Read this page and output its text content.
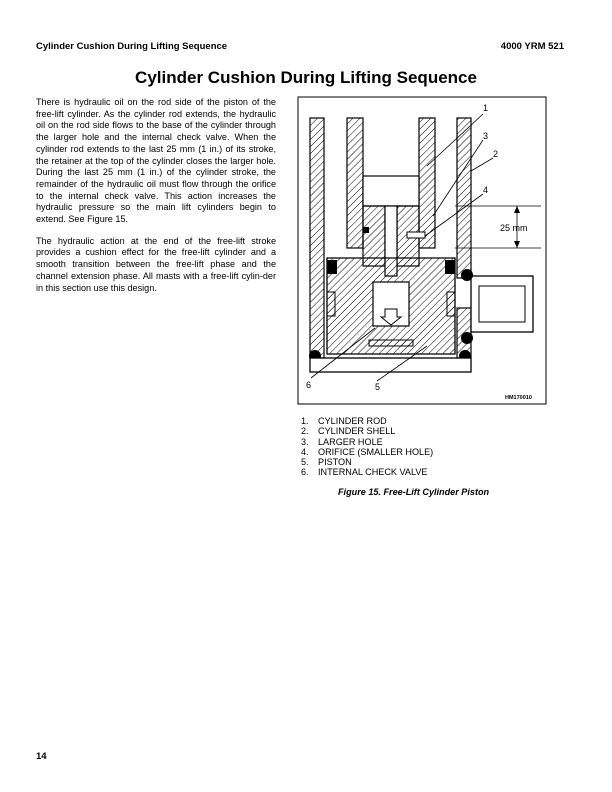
Cylinder Cushion During Lifting Sequence	4000 YRM 521
Cylinder Cushion During Lifting Sequence

There is hydraulic oil on the rod side of the piston of the free-lift cylinder. As the cylinder rod extends, the hydraulic oil on the rod side flows to the base of the cylinder through the larger hole and the internal check valve. When the cylinder rod extends to the last 25 mm (1 in.) of its stroke, the retainer at the top of the cylinder closes the larger hole. During the last 25 mm (1 in.) of the cylinder stroke, the remainder of the hydraulic oil must flow through the orifice to the internal check valve. This action increases the hydraulic pressure so the main lift cylinders begin to extend. See Figure 15.

The hydraulic action at the end of the free-lift stroke provides a cushion effect for the free-lift cylinder and a smooth transition between the free-lift phase and the channel extension phase. All masts with a free-lift cylin-der in this section use this design.

25 mm
1
2
3
4
5
6
HM170010
1.	CYLINDER ROD
2.	CYLINDER SHELL
3.	LARGER HOLE
4.	ORIFICE (SMALLER HOLE)
5.	PISTON
6.	INTERNAL CHECK VALVE
Figure 15. Free-Lift Cylinder Piston
14
